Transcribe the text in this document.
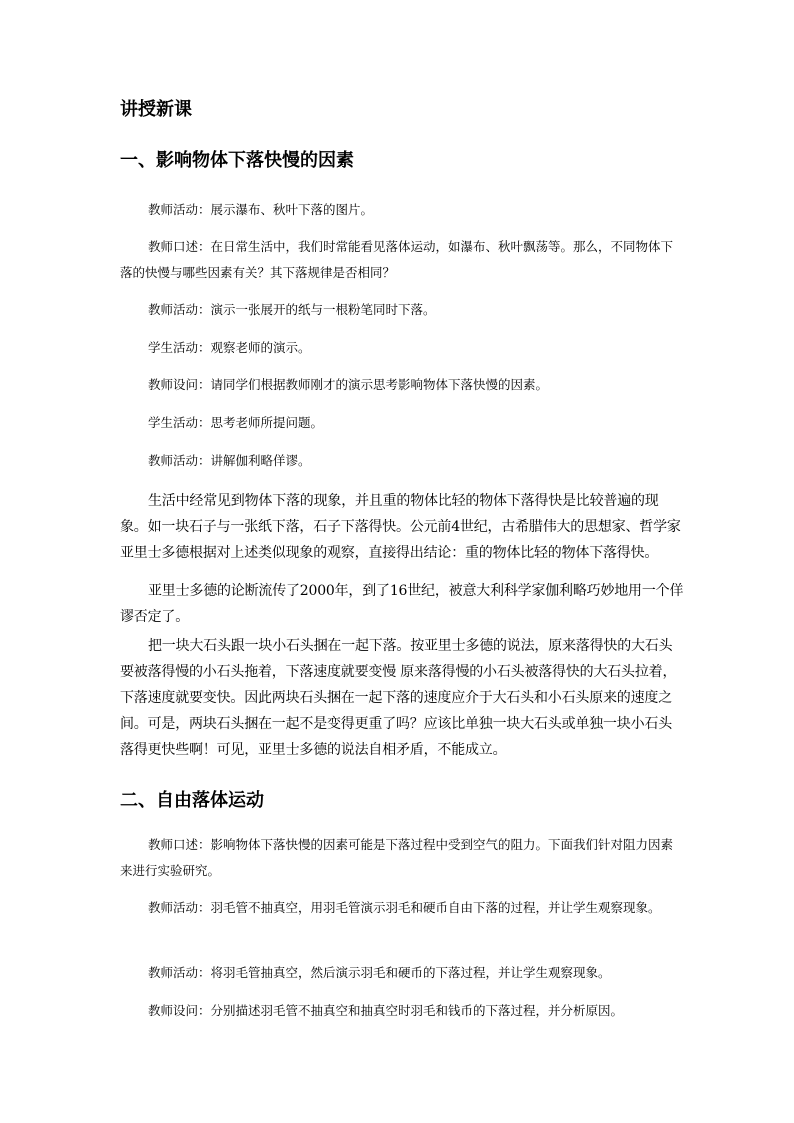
讲授新课
一、影响物体下落快慢的因素

教师活动：展示瀑布、秋叶下落的图片。

教师口述：在日常生活中，我们时常能看见落体运动，如瀑布、秋叶飘荡等。那么，不同物体下落的快慢与哪些因素有关？其下落规律是否相同？

教师活动：演示一张展开的纸与一根粉笔同时下落。

学生活动：观察老师的演示。

教师设问：请同学们根据教师刚才的演示思考影响物体下落快慢的因素。

学生活动：思考老师所提问题。

教师活动：讲解伽利略佯谬。

生活中经常见到物体下落的现象，并且重的物体比轻的物体下落得快是比较普遍的现象。如一块石子与一张纸下落，石子下落得快。公元前4世纪，古希腊伟大的思想家、哲学家亚里士多德根据对上述类似现象的观察，直接得出结论：重的物体比轻的物体下落得快。

亚里士多德的论断流传了2000年，到了16世纪，被意大利科学家伽利略巧妙地用一个佯谬否定了。

把一块大石头跟一块小石头捆在一起下落。按亚里士多德的说法，原来落得快的大石头要被落得慢的小石头拖着，下落速度就要变慢 原来落得慢的小石头被落得快的大石头拉着，下落速度就要变快。因此两块石头捆在一起下落的速度应介于大石头和小石头原来的速度之间。可是，两块石头捆在一起不是变得更重了吗？应该比单独一块大石头或单独一块小石头落得更快些啊！可见，亚里士多德的说法自相矛盾，不能成立。

二、自由落体运动

教师口述：影响物体下落快慢的因素可能是下落过程中受到空气的阻力。下面我们针对阻力因素来进行实验研究。

教师活动：羽毛管不抽真空，用羽毛管演示羽毛和硬币自由下落的过程，并让学生观察现象。

教师活动：将羽毛管抽真空，然后演示羽毛和硬币的下落过程，并让学生观察现象。

教师设问：分别描述羽毛管不抽真空和抽真空时羽毛和钱币的下落过程，并分析原因。
